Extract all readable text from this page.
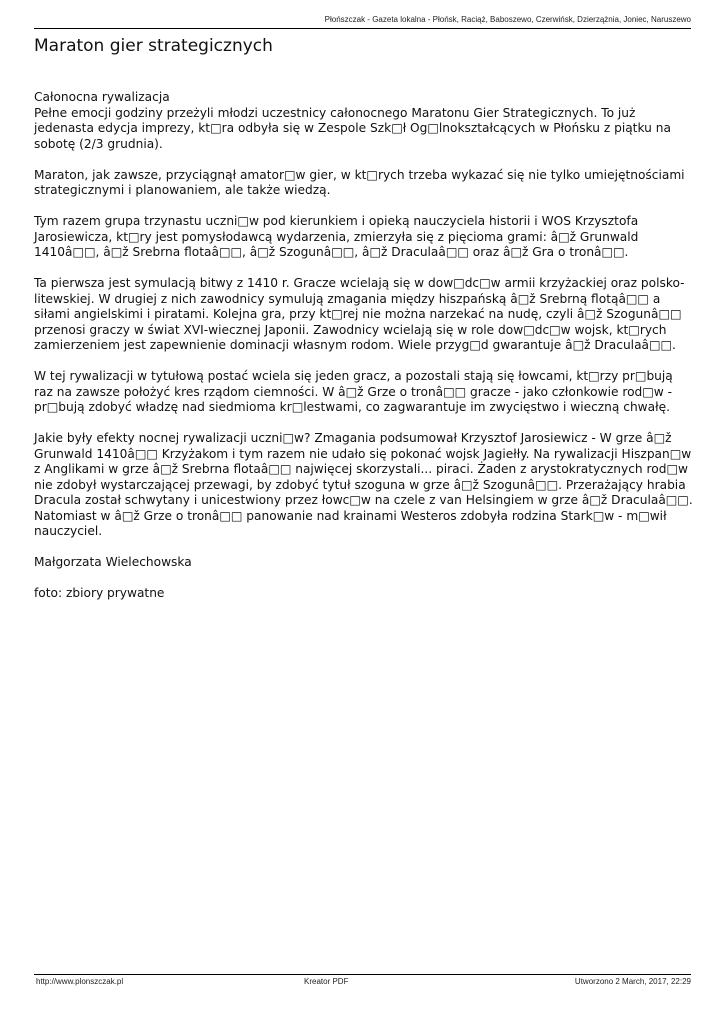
Płońszczak - Gazeta lokalna - Płońsk, Raciąż, Baboszewo, Czerwińsk, Dzierzążnia, Joniec, Naruszewo
Maraton gier strategicznych

Całonocna rywalizacja
Pełne emocji godziny przeżyli młodzi uczestnicy całonocnego Maratonu Gier Strategicznych. To już jedenasta edycja imprezy, kt□ra odbyła się w Zespole Szk□ł Og□lnokształcących w Płońsku z piątku na sobotę (2/3 grudnia).

Maraton, jak zawsze, przyciągnął amator□w gier, w kt□rych trzeba wykazać się nie tylko umiejętnościami strategicznymi i planowaniem, ale także wiedzą.

Tym razem grupa trzynastu uczni□w pod kierunkiem i opieką nauczyciela historii i WOS Krzysztofa Jarosiewicza, kt□ry jest pomysłodawcą wydarzenia, zmierzyła się z pięcioma grami: â□ž Grunwald 1410â□□, â□ž Srebrna flotaâ□□, â□ž Szogunâ□□, â□ž Draculaâ□□ oraz â□ž Gra o tronâ□□.

Ta pierwsza jest symulacją bitwy z 1410 r. Gracze wcielają się w dow□dc□w armii krzyżackiej oraz polsko-litewskiej. W drugiej z nich zawodnicy symulują zmagania między hiszpańską â□ž Srebrną flotąâ□□ a siłami angielskimi i piratami. Kolejna gra, przy kt□rej nie można narzekać na nudę, czyli â□ž Szogunâ□□ przenosi graczy w świat XVI-wiecznej Japonii. Zawodnicy wcielają się w role dow□dc□w wojsk, kt□rych zamierzeniem jest zapewnienie dominacji własnym rodom. Wiele przyg□d gwarantuje â□ž Draculaâ□□.

W tej rywalizacji w tytułową postać wciela się jeden gracz, a pozostali stają się łowcami, kt□rzy pr□bują raz na zawsze położyć kres rządom ciemności. W â□ž Grze o tronâ□□ gracze - jako członkowie rod□w - pr□bują zdobyć władzę nad siedmioma kr□lestwami, co zagwarantuje im zwycięstwo i wieczną chwałę.

Jakie były efekty nocnej rywalizacji uczni□w? Zmagania podsumował Krzysztof Jarosiewicz - W grze â□ž Grunwald 1410â□□ Krzyżakom i tym razem nie udało się pokonać wojsk Jagiełły. Na rywalizacji Hiszpan□w z Anglikami w grze â□ž Srebrna flotaâ□□ najwięcej skorzystali... piraci. Żaden z arystokratycznych rod□w nie zdobył wystarczającej przewagi, by zdobyć tytuł szoguna w grze â□ž Szogunâ□□. Przerażający hrabia Dracula został schwytany i unicestwiony przez łowc□w na czele z van Helsingiem w grze â□ž Draculaâ□□. Natomiast w â□ž Grze o tronâ□□ panowanie nad krainami Westeros zdobyła rodzina Stark□w - m□wił nauczyciel.

Małgorzata Wielechowska

foto: zbiory prywatne

http://www.plonszczak.pl	Kreator PDF	Utworzono 2 March, 2017, 22:29
